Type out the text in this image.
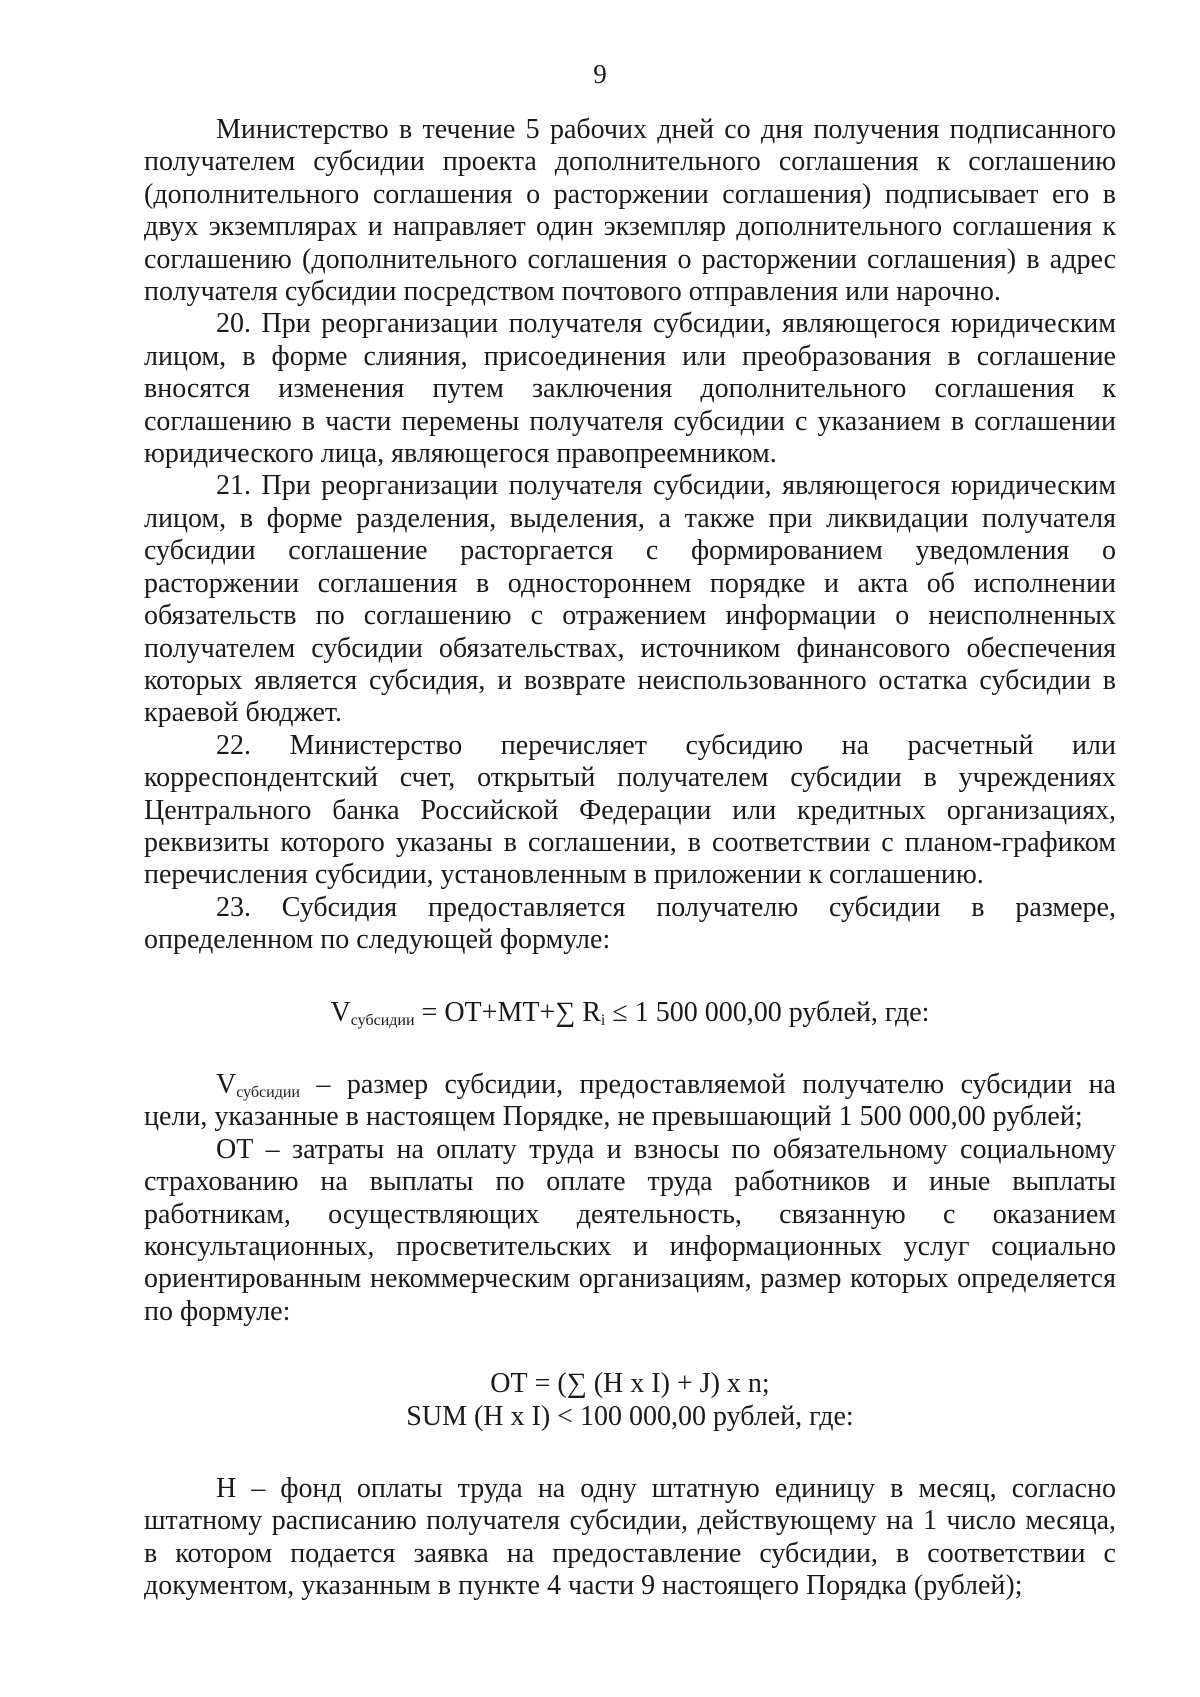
9

Министерство в течение 5 рабочих дней со дня получения подписанного получателем субсидии проекта дополнительного соглашения к соглашению (дополнительного соглашения о расторжении соглашения) подписывает его в двух экземплярах и направляет один экземпляр дополнительного соглашения к соглашению (дополнительного соглашения о расторжении соглашения) в адрес получателя субсидии посредством почтового отправления или нарочно.

20. При реорганизации получателя субсидии, являющегося юридическим лицом, в форме слияния, присоединения или преобразования в соглашение вносятся изменения путем заключения дополнительного соглашения к соглашению в части перемены получателя субсидии с указанием в соглашении юридического лица, являющегося правопреемником.

21. При реорганизации получателя субсидии, являющегося юридическим лицом, в форме разделения, выделения, а также при ликвидации получателя субсидии соглашение расторгается с формированием уведомления о расторжении соглашения в одностороннем порядке и акта об исполнении обязательств по соглашению с отражением информации о неисполненных получателем субсидии обязательствах, источником финансового обеспечения которых является субсидия, и возврате неиспользованного остатка субсидии в краевой бюджет.

22. Министерство перечисляет субсидию на расчетный или корреспондентский счет, открытый получателем субсидии в учреждениях Центрального банка Российской Федерации или кредитных организациях, реквизиты которого указаны в соглашении, в соответствии с планом-графиком перечисления субсидии, установленным в приложении к соглашению.

23. Субсидия предоставляется получателю субсидии в размере, определенном по следующей формуле:

$V_{субсидии} = ОТ+МТ+\sum$ $R_i \le 1$ 500 000,00 рублей, где:

$V_{субсидии}$ – размер субсидии, предоставляемой получателю субсидии на цели, указанные в настоящем Порядке, не превышающий 1 500 000,00 рублей;

ОТ – затраты на оплату труда и взносы по обязательному социальному страхованию на выплаты по оплате труда работников и иные выплаты работникам, осуществляющих деятельность, связанную с оказанием консультационных, просветительских и информационных услуг социально ориентированным некоммерческим организациям, размер которых определяется по формуле:

ОТ = (∑ (Н x I) + J) x n;
SUM (Н x I) < 100 000,00 рублей, где:

Н – фонд оплаты труда на одну штатную единицу в месяц, согласно штатному расписанию получателя субсидии, действующему на 1 число месяца, в котором подается заявка на предоставление субсидии, в соответствии с документом, указанным в пункте 4 части 9 настоящего Порядка (рублей);
